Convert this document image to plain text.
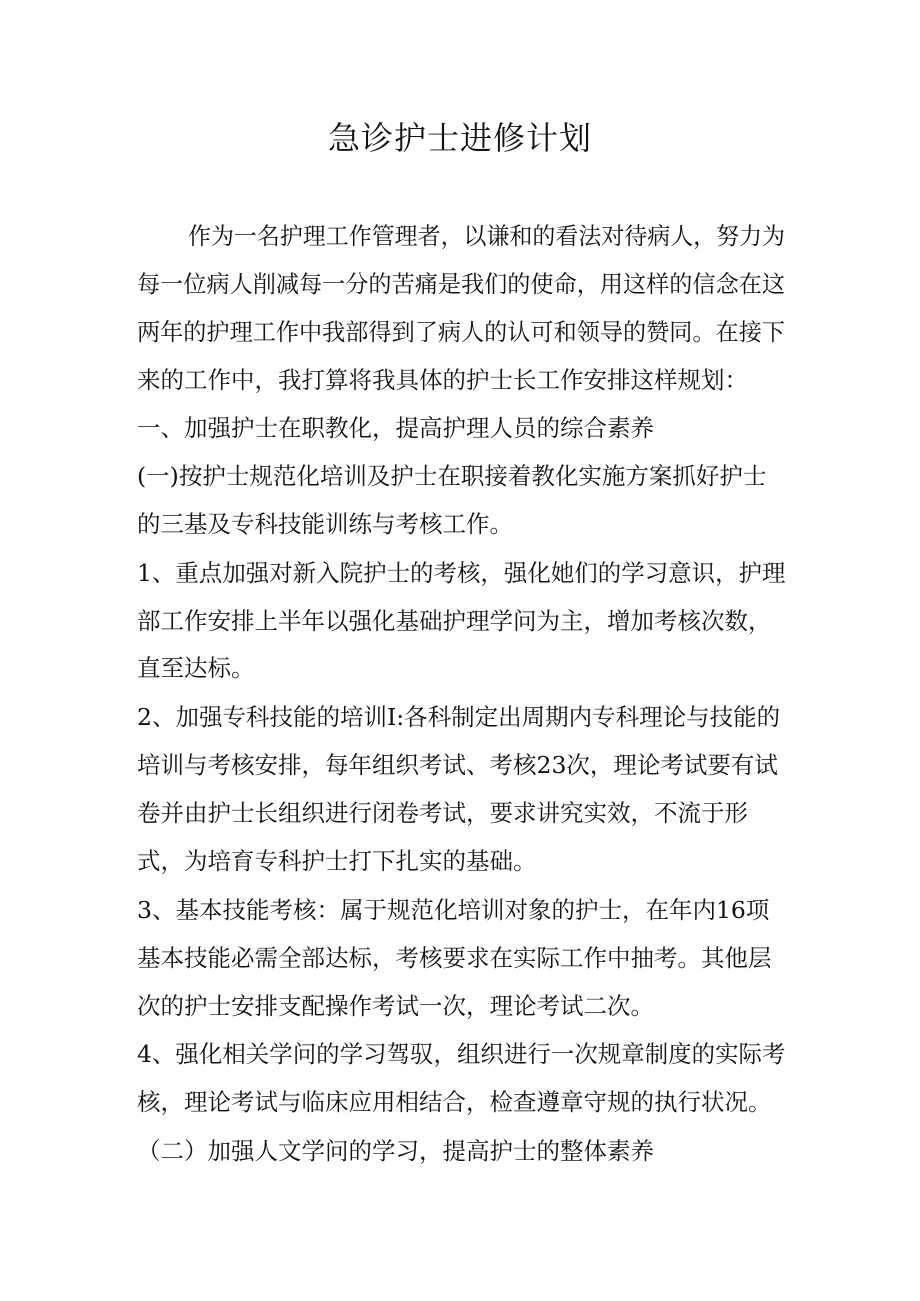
急诊护士进修计划
作为一名护理工作管理者，以谦和的看法对待病人，努力为
每一位病人削减每一分的苦痛是我们的使命，用这样的信念在这
两年的护理工作中我部得到了病人的认可和领导的赞同。在接下
来的工作中，我打算将我具体的护士长工作安排这样规划：
一、加强护士在职教化，提高护理人员的综合素养
(一)按护士规范化培训及护士在职接着教化实施方案抓好护士
的三基及专科技能训练与考核工作。
1、重点加强对新入院护士的考核，强化她们的学习意识，护理
部工作安排上半年以强化基础护理学问为主，增加考核次数，
直至达标。
2、加强专科技能的培训I:各科制定出周期内专科理论与技能的
培训与考核安排，每年组织考试、考核23次，理论考试要有试
卷并由护士长组织进行闭卷考试，要求讲究实效，不流于形
式，为培育专科护士打下扎实的基础。
3、基本技能考核：属于规范化培训对象的护士，在年内16项
基本技能必需全部达标，考核要求在实际工作中抽考。其他层
次的护士安排支配操作考试一次，理论考试二次。
4、强化相关学问的学习驾驭，组织进行一次规章制度的实际考
核，理论考试与临床应用相结合，检查遵章守规的执行状况。
（二）加强人文学问的学习，提高护士的整体素养
